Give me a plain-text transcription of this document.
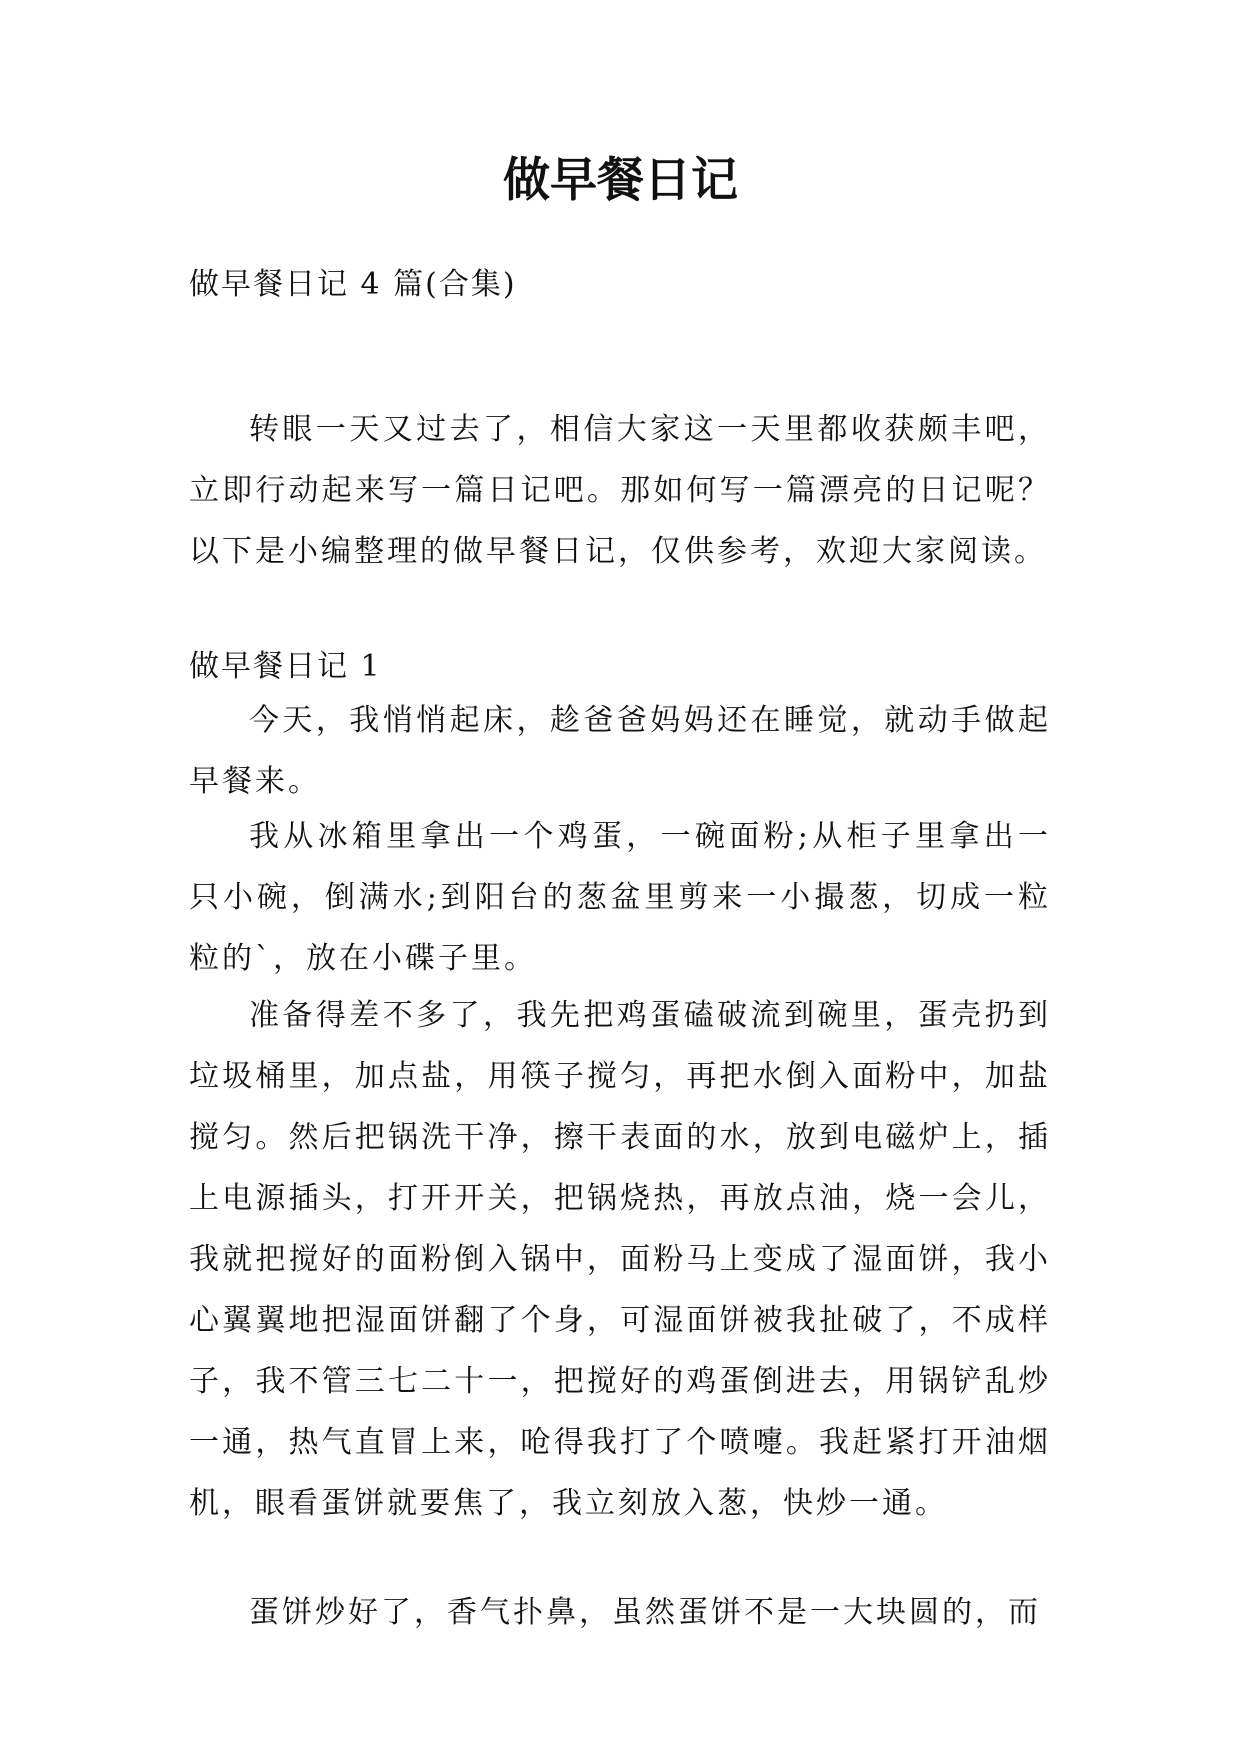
做早餐日记

做早餐日记 4 篇(合集)

转眼一天又过去了，相信大家这一天里都收获颇丰吧，立即行动起来写一篇日记吧。那如何写一篇漂亮的日记呢？以下是小编整理的做早餐日记，仅供参考，欢迎大家阅读。

做早餐日记 1

今天，我悄悄起床，趁爸爸妈妈还在睡觉，就动手做起早餐来。

我从冰箱里拿出一个鸡蛋，一碗面粉;从柜子里拿出一只小碗，倒满水;到阳台的葱盆里剪来一小撮葱，切成一粒粒的`，放在小碟子里。

准备得差不多了，我先把鸡蛋磕破流到碗里，蛋壳扔到垃圾桶里，加点盐，用筷子搅匀，再把水倒入面粉中，加盐搅匀。然后把锅洗干净，擦干表面的水，放到电磁炉上，插上电源插头，打开开关，把锅烧热，再放点油，烧一会儿，我就把搅好的面粉倒入锅中，面粉马上变成了湿面饼，我小心翼翼地把湿面饼翻了个身，可湿面饼被我扯破了，不成样子，我不管三七二十一，把搅好的鸡蛋倒进去，用锅铲乱炒一通，热气直冒上来，呛得我打了个喷嚏。我赶紧打开油烟机，眼看蛋饼就要焦了，我立刻放入葱，快炒一通。

蛋饼炒好了，香气扑鼻，虽然蛋饼不是一大块圆的，而
